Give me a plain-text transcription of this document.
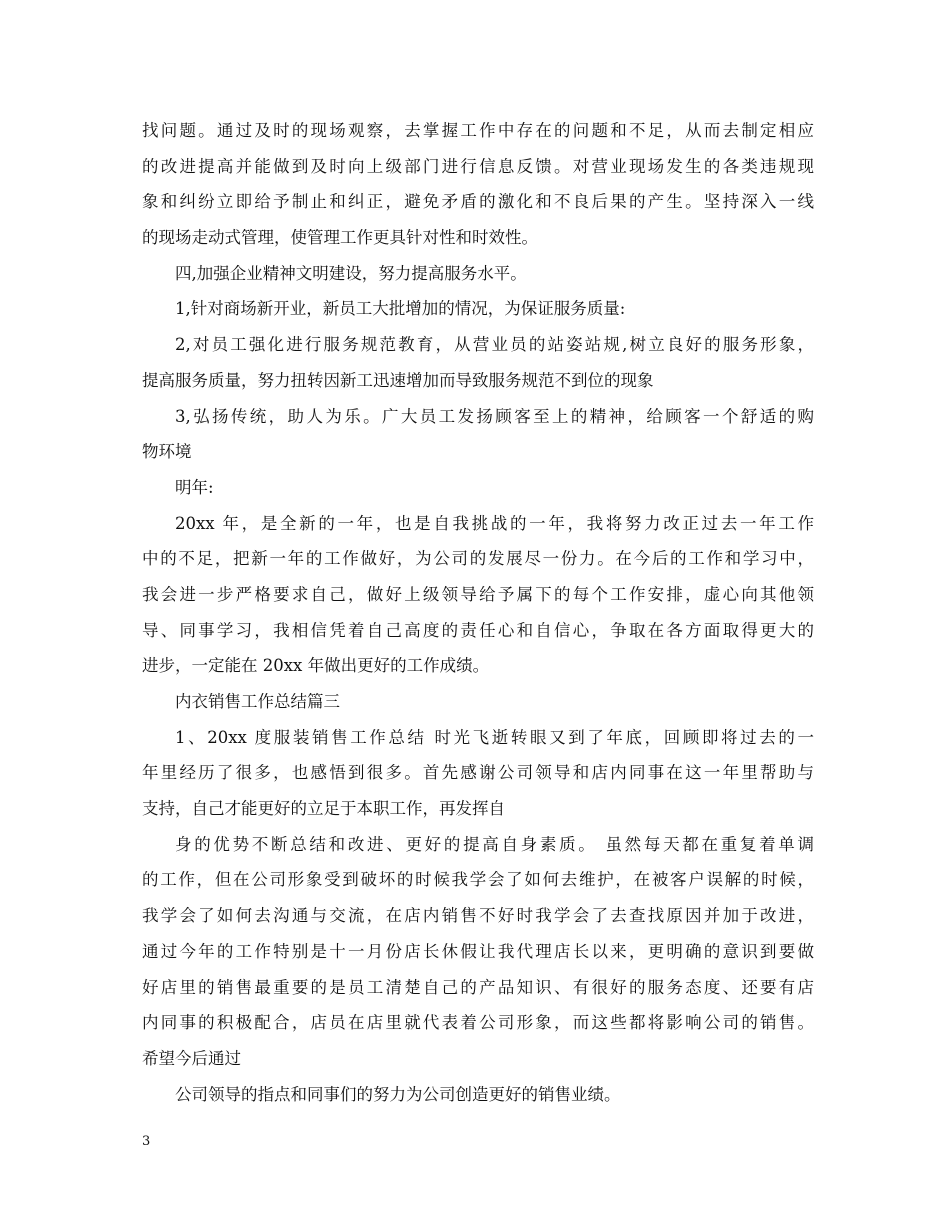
找问题。通过及时的现场观察，去掌握工作中存在的问题和不足，从而去制定相应
的改进提高并能做到及时向上级部门进行信息反馈。对营业现场发生的各类违规现
象和纠纷立即给予制止和纠正，避免矛盾的激化和不良后果的产生。坚持深入一线
的现场走动式管理，使管理工作更具针对性和时效性。
四,加强企业精神文明建设，努力提高服务水平。
1,针对商场新开业，新员工大批增加的情况，为保证服务质量:
2,对员工强化进行服务规范教育，从营业员的站姿站规,树立良好的服务形象，
提高服务质量，努力扭转因新工迅速增加而导致服务规范不到位的现象
3,弘扬传统，助人为乐。广大员工发扬顾客至上的精神，给顾客一个舒适的购
物环境
明年:
20xx 年，是全新的一年，也是自我挑战的一年，我将努力改正过去一年工作
中的不足，把新一年的工作做好，为公司的发展尽一份力。在今后的工作和学习中，
我会进一步严格要求自己，做好上级领导给予属下的每个工作安排，虚心向其他领
导、同事学习，我相信凭着自己高度的责任心和自信心，争取在各方面取得更大的
进步，一定能在 20xx 年做出更好的工作成绩。
内衣销售工作总结篇三
1、20xx 度服装销售工作总结 时光飞逝转眼又到了年底，回顾即将过去的一
年里经历了很多，也感悟到很多。首先感谢公司领导和店内同事在这一年里帮助与
支持，自己才能更好的立足于本职工作，再发挥自
身的优势不断总结和改进、更好的提高自身素质。 虽然每天都在重复着单调
的工作，但在公司形象受到破坏的时候我学会了如何去维护，在被客户误解的时候，
我学会了如何去沟通与交流，在店内销售不好时我学会了去查找原因并加于改进，
通过今年的工作特别是十一月份店长休假让我代理店长以来，更明确的意识到要做
好店里的销售最重要的是员工清楚自己的产品知识、有很好的服务态度、还要有店
内同事的积极配合，店员在店里就代表着公司形象，而这些都将影响公司的销售。
希望今后通过
公司领导的指点和同事们的努力为公司创造更好的销售业绩。
3
